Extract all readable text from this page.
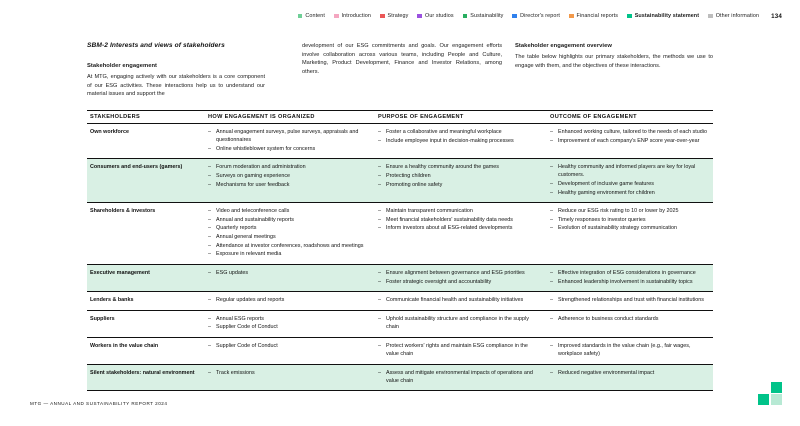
Content	Introduction	Strategy	Our studios	Sustainability	Director's report	Financial reports	Sustainability statement	Other information 134
SBM-2 Interests and views of stakeholders
Stakeholder engagement

At MTG, engaging actively with our stakeholders is a core component of our ESG activities. These interactions help us to understand our material issues and support the

development of our ESG commitments and goals. Our engagement efforts involve collaboration across various teams, including People and Culture, Marketing, Product Development, Finance and Investor Relations, among others.

Stakeholder engagement overview

The table below highlights our primary stakeholders, the methods we use to engage with them, and the objectives of these interactions.

STAKEHOLDERS	HOW ENGAGEMENT IS ORGANIZED	PURPOSE OF ENGAGEMENT	OUTCOME OF ENGAGEMENT
Own workforce	
–Annual engagement surveys, pulse surveys, appraisals and questionnaires
– Online whistleblower system for concerns

– Foster a collaborative and meaningful workplace
– Include employee input in decision-making processes

– Enhanced working culture, tailored to the needs of each studio
– Improvement of each company's ENP score year-over-year

Consumers and end-users (gamers)	
–Forum moderation and administration
– Surveys on gaming experience
– Mechanisms for user feedback

– Ensure a healthy community around the games
– Protecting children
– Promoting online safety

– Healthy community and informed players are key for loyal customers.
– Development of inclusive game features
– Healthy gaming environment for children

Shareholders & investors	
–Video and teleconference calls
– Annual and sustainability reports
– Quarterly reports
– Annual general meetings
– Attendance at investor conferences, roadshows and meetings
– Exposure in relevant media

– Maintain transparent communication
– Meet financial stakeholders' sustainability data needs
– Inform investors about all ESG-related developments

– Reduce our ESG risk rating to 10 or lower by 2025
– Timely responses to investor queries
– Evolution of sustainability strategy communication

Executive management	
–ESG updates

–Ensure alignment between governance and ESG priorities
– Foster strategic oversight and accountability

– Effective integration of ESG considerations in governance
– Enhanced leadership involvement in sustainability topics

Lenders & banks	
–Regular updates and reports

–Communicate financial health and sustainability initiatives

–Strengthened relationships and trust with financial institutions

Suppliers	
–Annual ESG reports
– Supplier Code of Conduct

– Uphold sustainability structure and compliance in the supply chain

– Adherence to business conduct standards

Workers in the value chain	
–Supplier Code of Conduct

–Protect workers' rights and maintain ESG compliance in the value chain

– Improved standards in the value chain (e.g., fair wages, workplace safety)

Silent stakeholders: natural environment	
–Track emissions

–Assess and mitigate environmental impacts of operations and value chain

– Reduced negative environmental impact
MTG — ANNUAL AND SUSTAINABILITY REPORT 2024
